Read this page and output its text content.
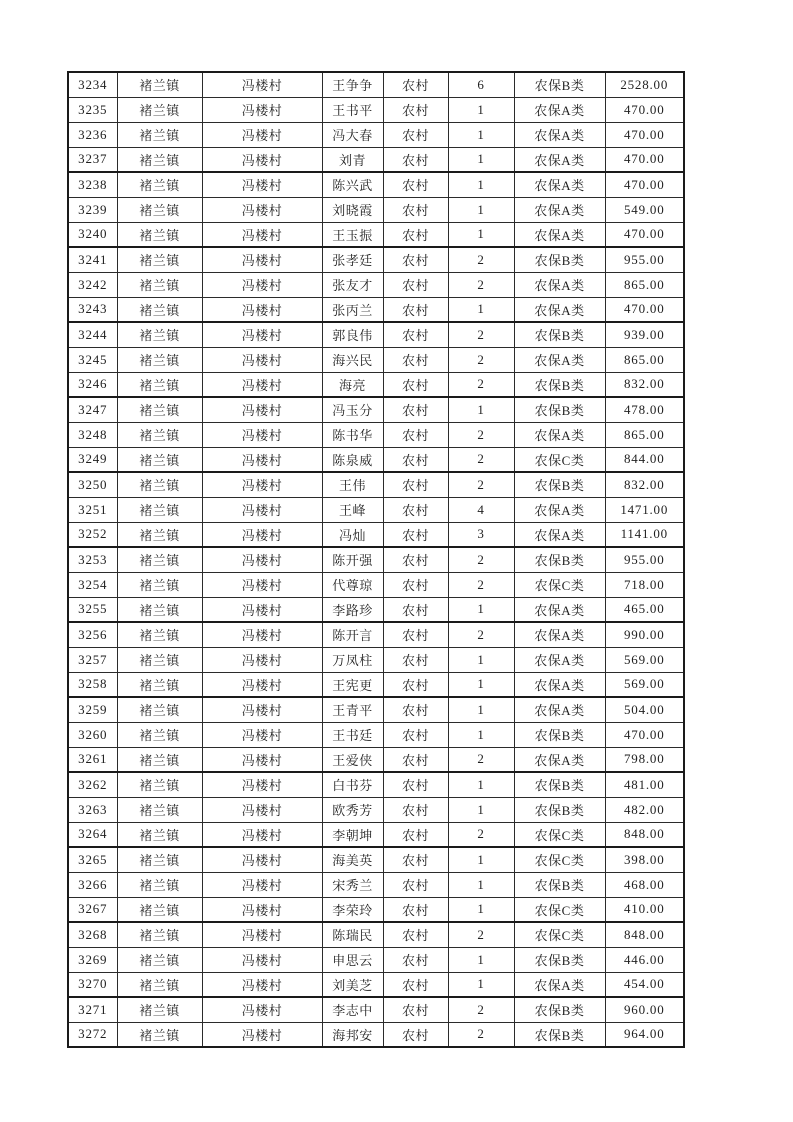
3234	褚兰镇	冯楼村	王争争	农村	6	农保B类	2528.00
3235	褚兰镇	冯楼村	王书平	农村	1	农保A类	470.00
3236	褚兰镇	冯楼村	冯大春	农村	1	农保A类	470.00
3237	褚兰镇	冯楼村	刘青	农村	1	农保A类	470.00
3238	褚兰镇	冯楼村	陈兴武	农村	1	农保A类	470.00
3239	褚兰镇	冯楼村	刘晓霞	农村	1	农保A类	549.00
3240	褚兰镇	冯楼村	王玉振	农村	1	农保A类	470.00
3241	褚兰镇	冯楼村	张孝廷	农村	2	农保B类	955.00
3242	褚兰镇	冯楼村	张友才	农村	2	农保A类	865.00
3243	褚兰镇	冯楼村	张丙兰	农村	1	农保A类	470.00
3244	褚兰镇	冯楼村	郭良伟	农村	2	农保B类	939.00
3245	褚兰镇	冯楼村	海兴民	农村	2	农保A类	865.00
3246	褚兰镇	冯楼村	海亮	农村	2	农保B类	832.00
3247	褚兰镇	冯楼村	冯玉分	农村	1	农保B类	478.00
3248	褚兰镇	冯楼村	陈书华	农村	2	农保A类	865.00
3249	褚兰镇	冯楼村	陈泉威	农村	2	农保C类	844.00
3250	褚兰镇	冯楼村	王伟	农村	2	农保B类	832.00
3251	褚兰镇	冯楼村	王峰	农村	4	农保A类	1471.00
3252	褚兰镇	冯楼村	冯灿	农村	3	农保A类	1141.00
3253	褚兰镇	冯楼村	陈开强	农村	2	农保B类	955.00
3254	褚兰镇	冯楼村	代尊琼	农村	2	农保C类	718.00
3255	褚兰镇	冯楼村	李路珍	农村	1	农保A类	465.00
3256	褚兰镇	冯楼村	陈开言	农村	2	农保A类	990.00
3257	褚兰镇	冯楼村	万凤柱	农村	1	农保A类	569.00
3258	褚兰镇	冯楼村	王宪更	农村	1	农保A类	569.00
3259	褚兰镇	冯楼村	王青平	农村	1	农保A类	504.00
3260	褚兰镇	冯楼村	王书廷	农村	1	农保B类	470.00
3261	褚兰镇	冯楼村	王爱侠	农村	2	农保A类	798.00
3262	褚兰镇	冯楼村	白书芬	农村	1	农保B类	481.00
3263	褚兰镇	冯楼村	欧秀芳	农村	1	农保B类	482.00
3264	褚兰镇	冯楼村	李朝坤	农村	2	农保C类	848.00
3265	褚兰镇	冯楼村	海美英	农村	1	农保C类	398.00
3266	褚兰镇	冯楼村	宋秀兰	农村	1	农保B类	468.00
3267	褚兰镇	冯楼村	李荣玲	农村	1	农保C类	410.00
3268	褚兰镇	冯楼村	陈瑞民	农村	2	农保C类	848.00
3269	褚兰镇	冯楼村	申思云	农村	1	农保B类	446.00
3270	褚兰镇	冯楼村	刘美芝	农村	1	农保A类	454.00
3271	褚兰镇	冯楼村	李志中	农村	2	农保B类	960.00
3272	褚兰镇	冯楼村	海邦安	农村	2	农保B类	964.00
